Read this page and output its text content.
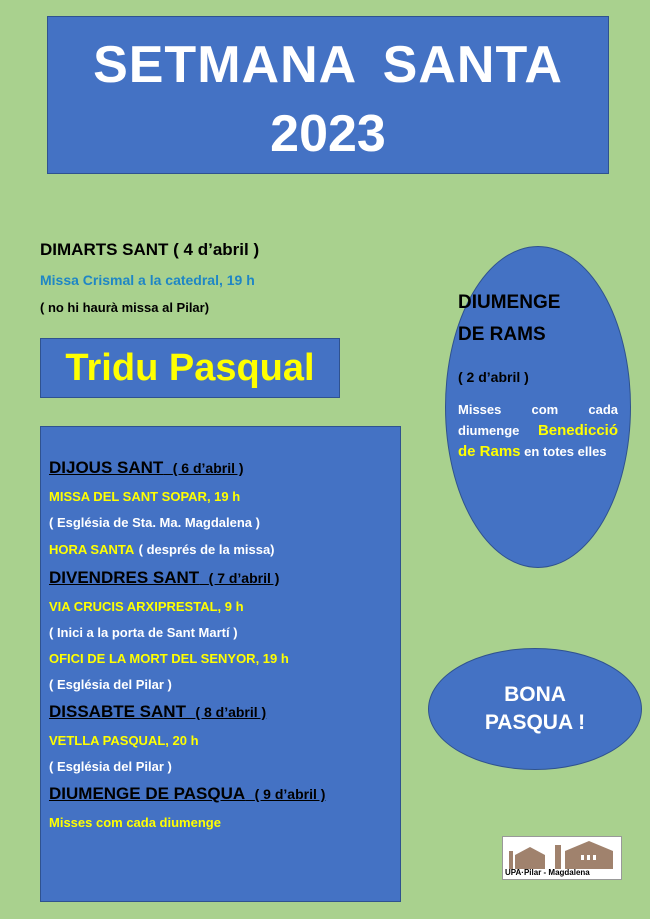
SETMANA SANTA
2023
DIMARTS SANT ( 4 d’abril )
Missa Crismal a la catedral, 19 h
( no hi haurà missa al Pilar)
Tridu Pasqual
DIJOUS SANT ( 6 d’abril )
MISSA DEL SANT SOPAR, 19 h
( Església de Sta. Ma. Magdalena )
HORA SANTA ( després de la missa)
DIVENDRES SANT ( 7 d’abril )
VIA CRUCIS ARXIPRESTAL, 9 h
( Inici a la porta de Sant Martí )
OFICI DE LA MORT DEL SENYOR, 19 h
( Església del Pilar )
DISSABTE SANT ( 8 d’abril )
VETLLA PASQUAL, 20 h
( Església del Pilar )
DIUMENGE DE PASQUA ( 9 d’abril )
Misses com cada diumenge
DIUMENGE
DE RAMS
( 2 d’abril )
Misses com cada diumenge Benedicció de Rams en totes elles
BONA
PASQUA !
UPA·Pilar - Magdalena
